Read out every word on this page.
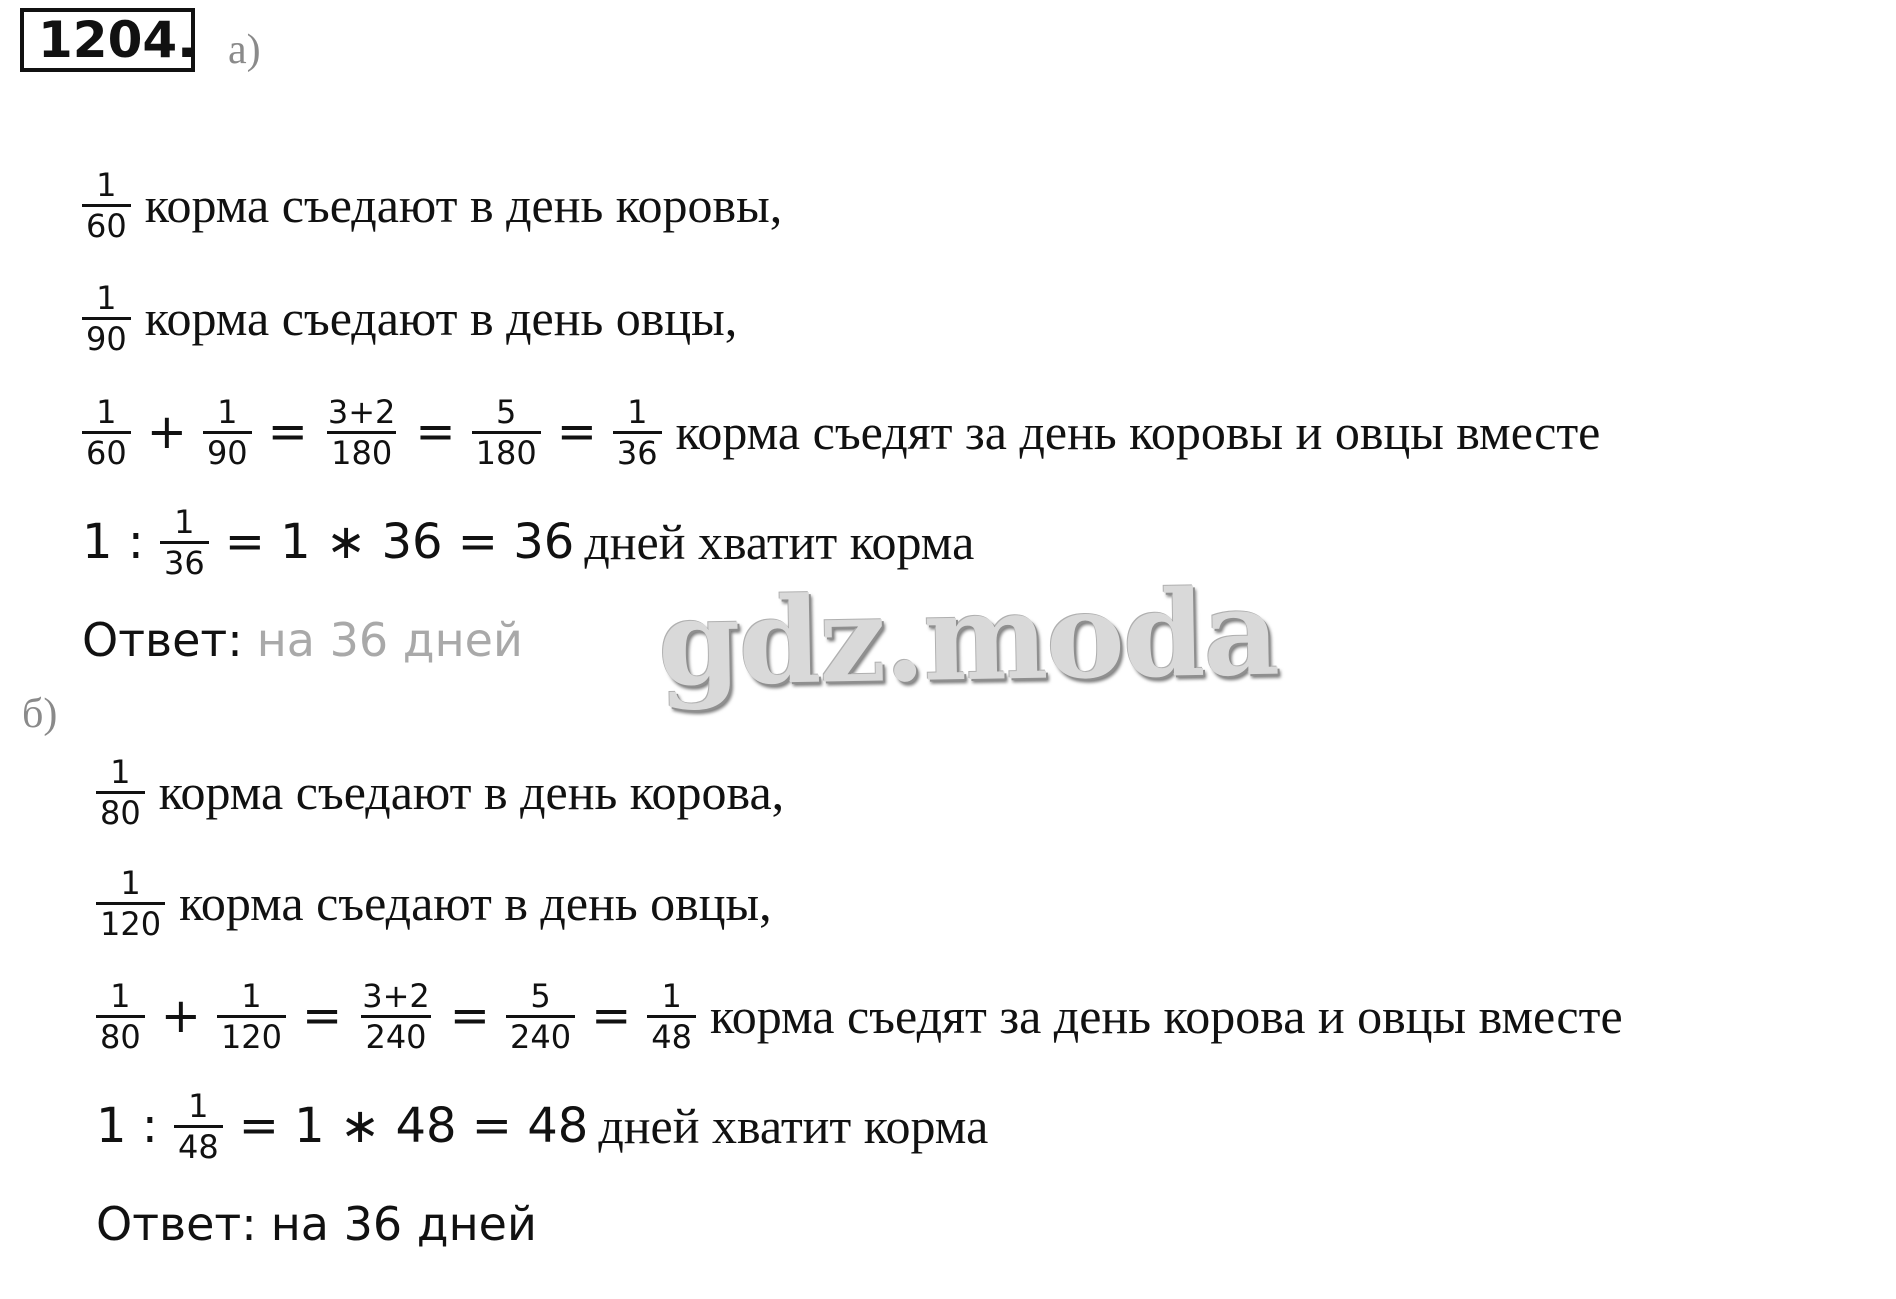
1204. а)
$\frac{1}{60}$ корма съедают в день коровы,
$\frac{1}{90}$ корма съедают в день овцы,
$\frac{1}{60} + \frac{1}{90} = \frac{3+2}{180} = \frac{5}{180} = \frac{1}{36}$ корма съедят за день коровы и овцы вместе
1 : $\frac{1}{36} = 1$ ∗ 36 = 36 дней хватит корма
Ответ: на 36 дней gdz.moda
б)
$\frac{1}{80}$ корма съедают в день корова,
$\frac{1}{120}$ корма съедают в день овцы,
$\frac{1}{80} + \frac{1}{120} = \frac{3+2}{240} = \frac{5}{240} = \frac{1}{48}$ корма съедят за день корова и овцы вместе
1 : $\frac{1}{48} = 1$ ∗ 48 = 48 дней хватит корма
Ответ: на 36 дней
